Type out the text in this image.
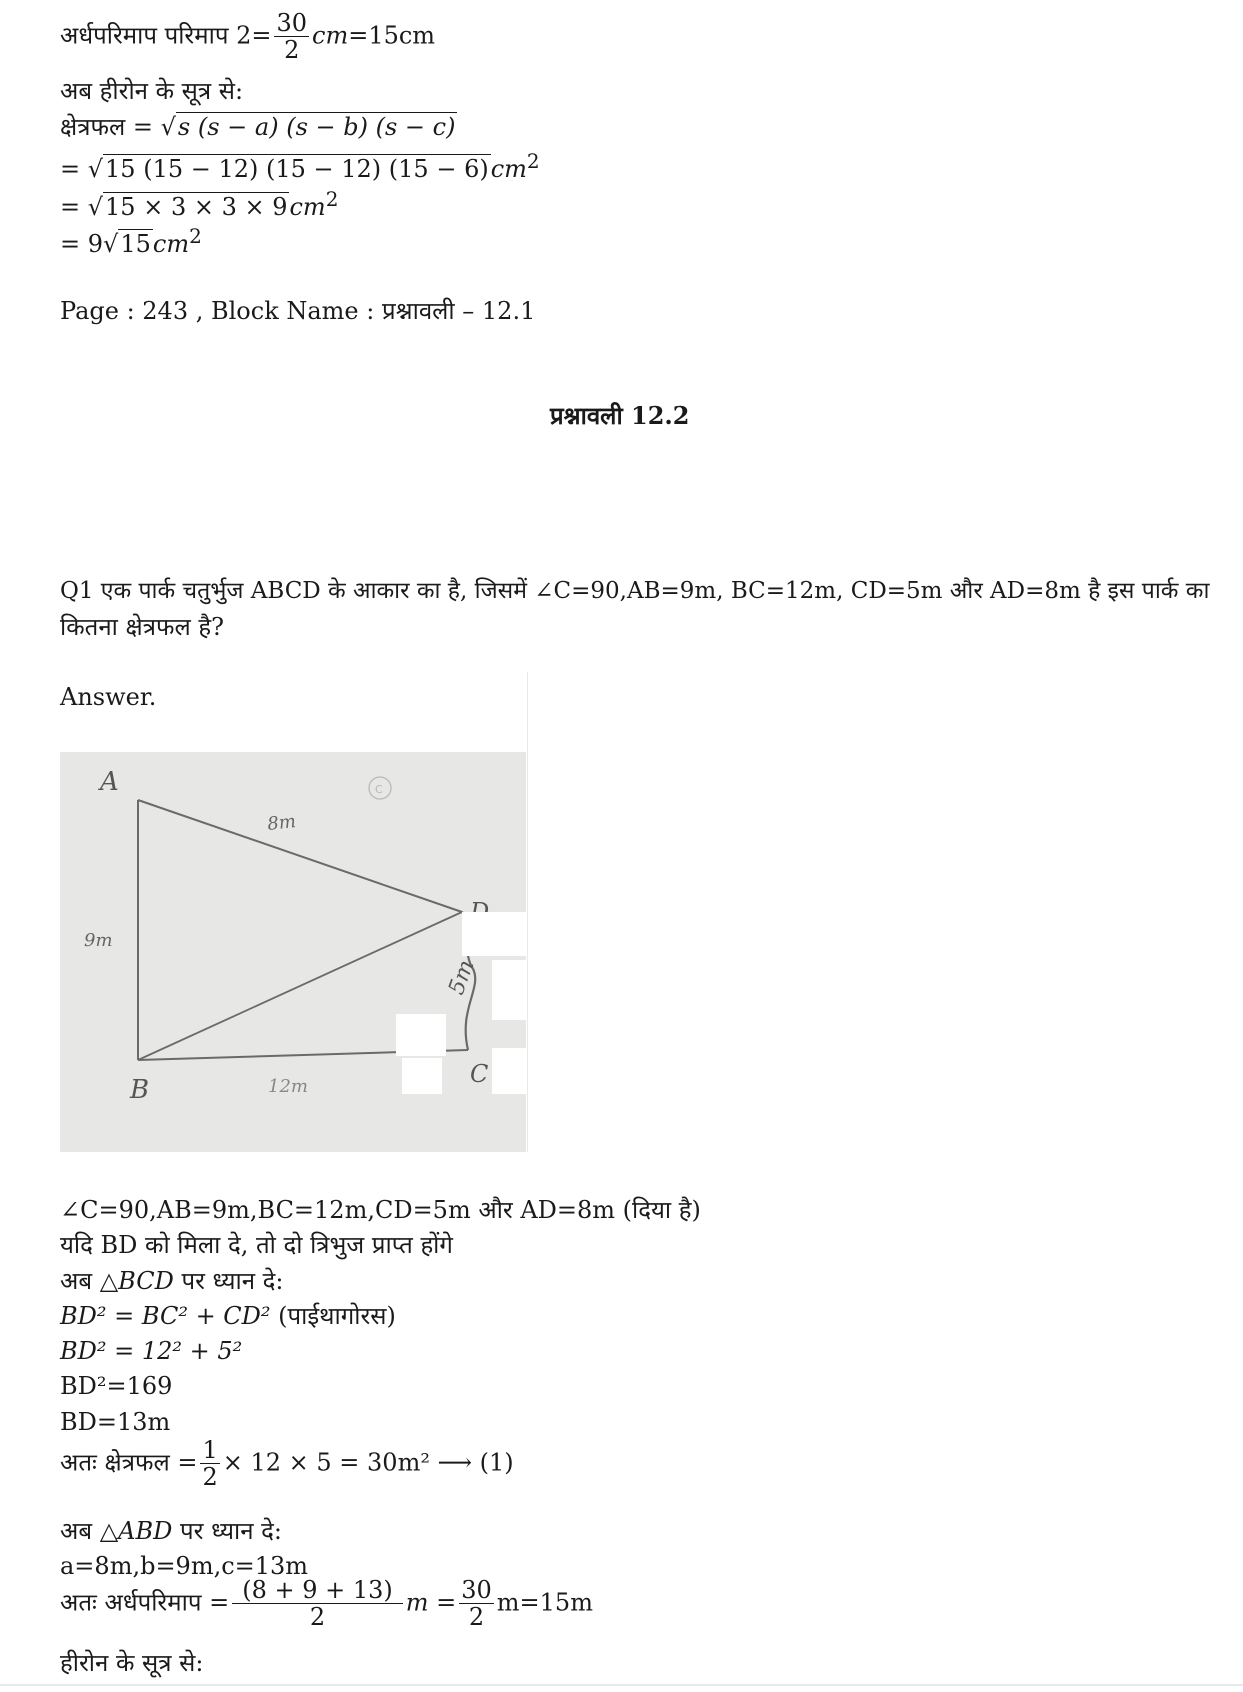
अर्धपरिमाप परिमाप $2= \frac{30}{2} cm=15cm$
अब हीरोन के सूत्र से:
क्षेत्रफल = √s (s − a) (s − b) (s − c)
= √15 (15 − 12) (15 − 12) $(15 - 6)cm^2$
= $√15 \times 3 \times 3 \times 9cm^2$
= $9√15cm^2$
Page : 243 , Block Name : प्रश्नावली – 12.1
प्रश्नावली 12.2
Q1 एक पार्क चतुर्भुज ABCD के आकार का है, जिसमें ∠C=90,AB=9m, BC=12m, CD=5m और AD=8m है इस पार्क का
कितना क्षेत्रफल है?
Answer.
C
A
B
C
9m
8m
12m
5m
∠C=90,AB=9m,BC=12m,CD=5m और AD=8m (दिया है)
यदि BD को मिला दे, तो दो त्रिभुज प्राप्त होंगे
अब △BCD पर ध्यान दे:
BD² = BC² + CD² (पाईथागोरस)
BD² = 12² + 5²
BD²=169
BD=13m
अतः क्षेत्रफल = $\frac{1}{2} \times 12 \times 5 = 30m^2$ ⟶ (1)
अब △ABD पर ध्यान दे:
a=8m,b=9m,c=13m
अतः अर्धपरिमाप = $\frac{(8 + 9 + 13)}{2}$ $m = \frac{30}{2} m=15m$
हीरोन के सूत्र से:
